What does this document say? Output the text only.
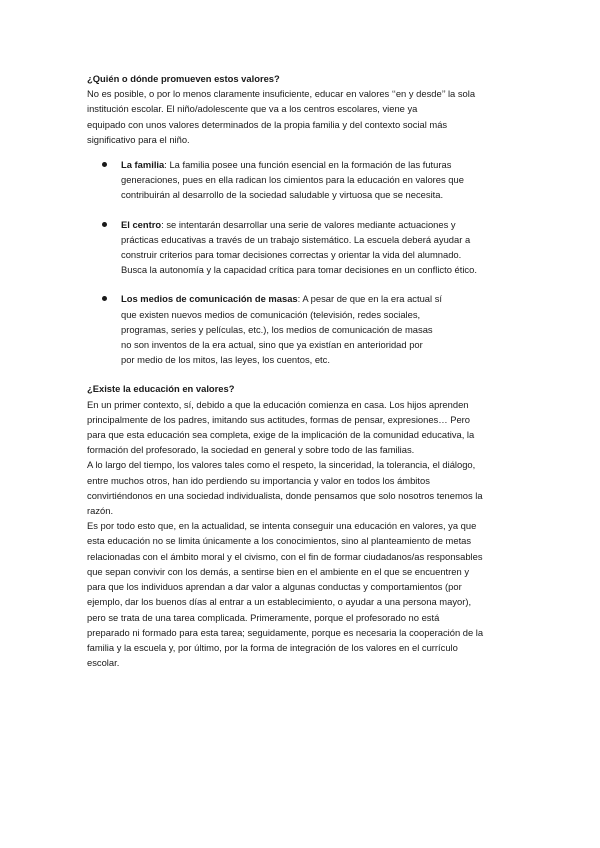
¿Quién o dónde promueven estos valores?

No es posible, o por lo menos claramente insuficiente, educar en valores ‘‘en y desde’’ la sola
institución escolar. El niño/adolescente que va a los centros escolares, viene ya
equipado con unos valores determinados de la propia familia y del contexto social más
significativo para el niño.

La familia: La familia posee una función esencial en la formación de las futuras
generaciones, pues en ella radican los cimientos para la educación en valores que
contribuirán al desarrollo de la sociedad saludable y virtuosa que se necesita.
El centro: se intentarán desarrollar una serie de valores mediante actuaciones y
prácticas educativas a través de un trabajo sistemático. La escuela deberá ayudar a
construir criterios para tomar decisiones correctas y orientar la vida del alumnado.
Busca la autonomía y la capacidad crítica para tomar decisiones en un conflicto ético.
Los medios de comunicación de masas: A pesar de que en la era actual sí
que existen nuevos medios de comunicación (televisión, redes sociales,
programas, series y películas, etc.), los medios de comunicación de masas
no son inventos de la era actual, sino que ya existían en anterioridad por
por medio de los mitos, las leyes, los cuentos, etc.

¿Existe la educación en valores?

En un primer contexto, sí, debido a que la educación comienza en casa. Los hijos aprenden
principalmente de los padres, imitando sus actitudes, formas de pensar, expresiones… Pero
para que esta educación sea completa, exige de la implicación de la comunidad educativa, la
formación del profesorado, la sociedad en general y sobre todo de las familias.

A lo largo del tiempo, los valores tales como el respeto, la sinceridad, la tolerancia, el diálogo,
entre muchos otros, han ido perdiendo su importancia y valor en todos los ámbitos
convirtiéndonos en una sociedad individualista, donde pensamos que solo nosotros tenemos la
razón.

Es por todo esto que, en la actualidad, se intenta conseguir una educación en valores, ya que
esta educación no se limita únicamente a los conocimientos, sino al planteamiento de metas
relacionadas con el ámbito moral y el civismo, con el fin de formar ciudadanos/as responsables
que sepan convivir con los demás, a sentirse bien en el ambiente en el que se encuentren y
para que los individuos aprendan a dar valor a algunas conductas y comportamientos (por
ejemplo, dar los buenos días al entrar a un establecimiento, o ayudar a una persona mayor),
pero se trata de una tarea complicada. Primeramente, porque el profesorado no está
preparado ni formado para esta tarea; seguidamente, porque es necesaria la cooperación de la
familia y la escuela y, por último, por la forma de integración de los valores en el currículo
escolar.
